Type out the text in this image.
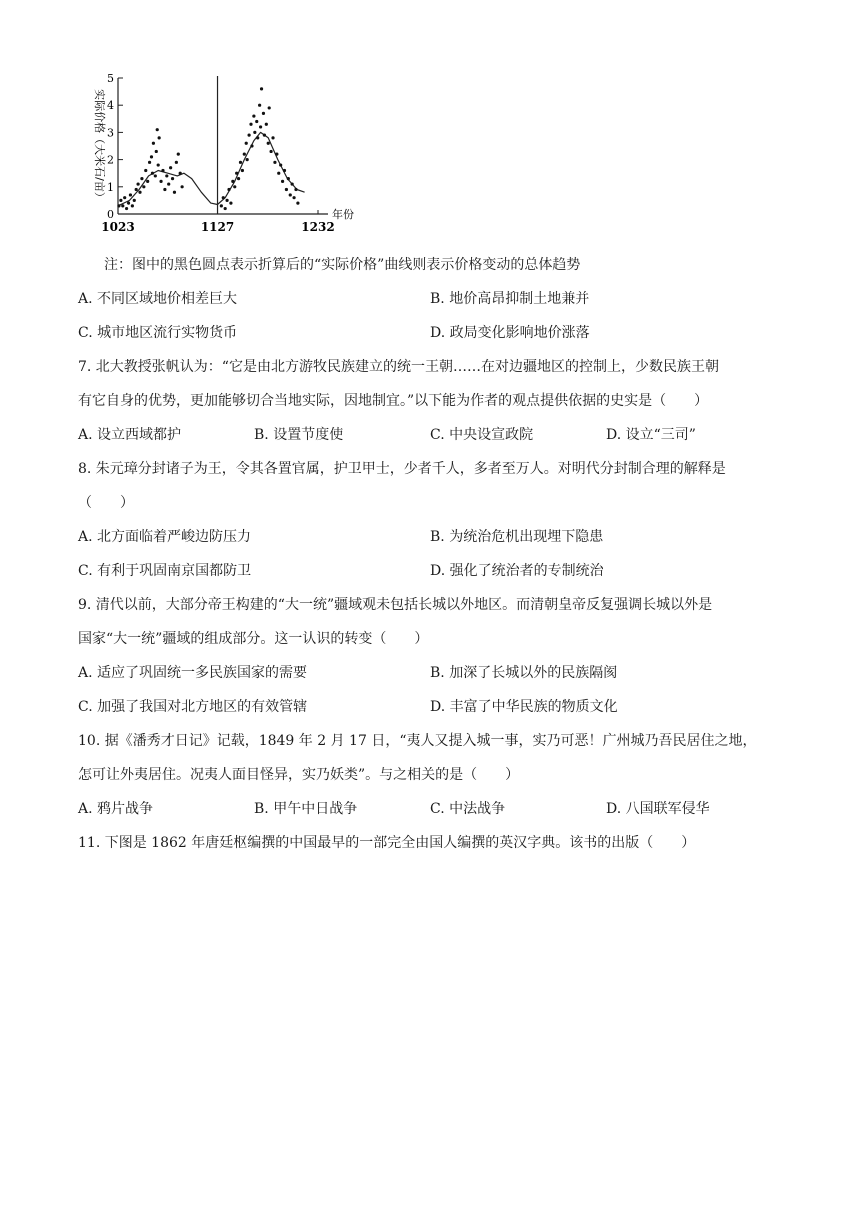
0
1
2
3
4
5
1023	1127	1232
年份
实际价格（大米石/亩）
注：图中的黑色圆点表示折算后的“实际价格”曲线则表示价格变动的总体趋势
A. 不同区域地价相差巨大	B. 地价高昂抑制土地兼并
C. 城市地区流行实物货币	D. 政局变化影响地价涨落
7. 北大教授张帆认为：“它是由北方游牧民族建立的统一王朝……在对边疆地区的控制上，少数民族王朝
有它自身的优势，更加能够切合当地实际，因地制宜。”以下能为作者的观点提供依据的史实是（　　）
A. 设立西域都护	B. 设置节度使	C. 中央设宣政院	D. 设立“三司”
8. 朱元璋分封诸子为王，令其各置官属，护卫甲士，少者千人，多者至万人。对明代分封制合理的解释是
（　　）
A. 北方面临着严峻边防压力	B. 为统治危机出现埋下隐患
C. 有利于巩固南京国都防卫	D. 强化了统治者的专制统治
9. 清代以前，大部分帝王构建的“大一统”疆域观未包括长城以外地区。而清朝皇帝反复强调长城以外是
国家“大一统”疆域的组成部分。这一认识的转变（　　）
A. 适应了巩固统一多民族国家的需要	B. 加深了长城以外的民族隔阂
C. 加强了我国对北方地区的有效管辖	D. 丰富了中华民族的物质文化
10. 据《潘秀才日记》记载，1849 年 2 月 17 日，“夷人又提入城一事，实乃可恶！广州城乃吾民居住之地，
怎可让外夷居住。况夷人面目怪异，实乃妖类”。与之相关的是（　　）
A. 鸦片战争	B. 甲午中日战争	C. 中法战争	D. 八国联军侵华
11. 下图是 1862 年唐廷枢编撰的中国最早的一部完全由国人编撰的英汉字典。该书的出版（　　）
